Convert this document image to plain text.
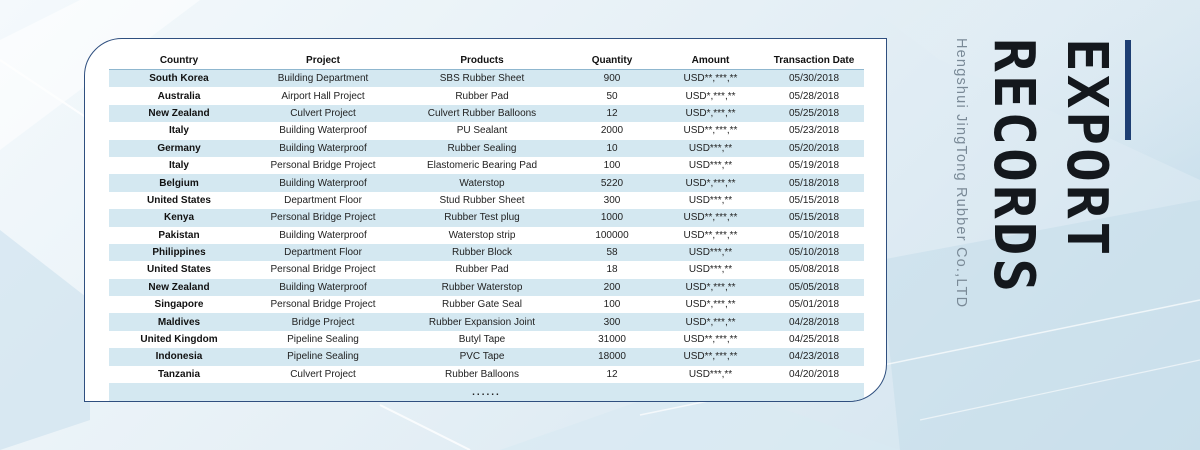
Country	Project	Products	Quantity	Amount	Transaction Date
South Korea	Building Department	SBS Rubber Sheet	900	USD**,***,**	05/30/2018
Australia	Airport Hall Project	Rubber Pad	50	USD*,***,**	05/28/2018
New Zealand	Culvert Project	Culvert Rubber Balloons	12	USD*,***,**	05/25/2018
Italy	Building Waterproof	PU Sealant	2000	USD**,***,**	05/23/2018
Germany	Building Waterproof	Rubber Sealing	10	USD***,**	05/20/2018
Italy	Personal Bridge Project	Elastomeric Bearing Pad	100	USD***,**	05/19/2018
Belgium	Building Waterproof	Waterstop	5220	USD*,***,**	05/18/2018
United States	Department Floor	Stud Rubber Sheet	300	USD***,**	05/15/2018
Kenya	Personal Bridge Project	Rubber Test plug	1000	USD**,***,**	05/15/2018
Pakistan	Building Waterproof	Waterstop strip	100000	USD**,***,**	05/10/2018
Philippines	Department Floor	Rubber Block	58	USD***,**	05/10/2018
United States	Personal Bridge Project	Rubber Pad	18	USD***,**	05/08/2018
New Zealand	Building Waterproof	Rubber Waterstop	200	USD*,***,**	05/05/2018
Singapore	Personal Bridge Project	Rubber Gate Seal	100	USD*,***,**	05/01/2018
Maldives	Bridge Project	Rubber Expansion Joint	300	USD*,***,**	04/28/2018
United Kingdom	Pipeline Sealing	Butyl Tape	31000	USD**,***,**	04/25/2018
Indonesia	Pipeline Sealing	PVC Tape	18000	USD**,***,**	04/23/2018
Tanzania	Culvert Project	Rubber Balloons	12	USD***,**	04/20/2018
......					
EXPORT
RECORDS
Hengshui JingTong Rubber Co.,LTD
